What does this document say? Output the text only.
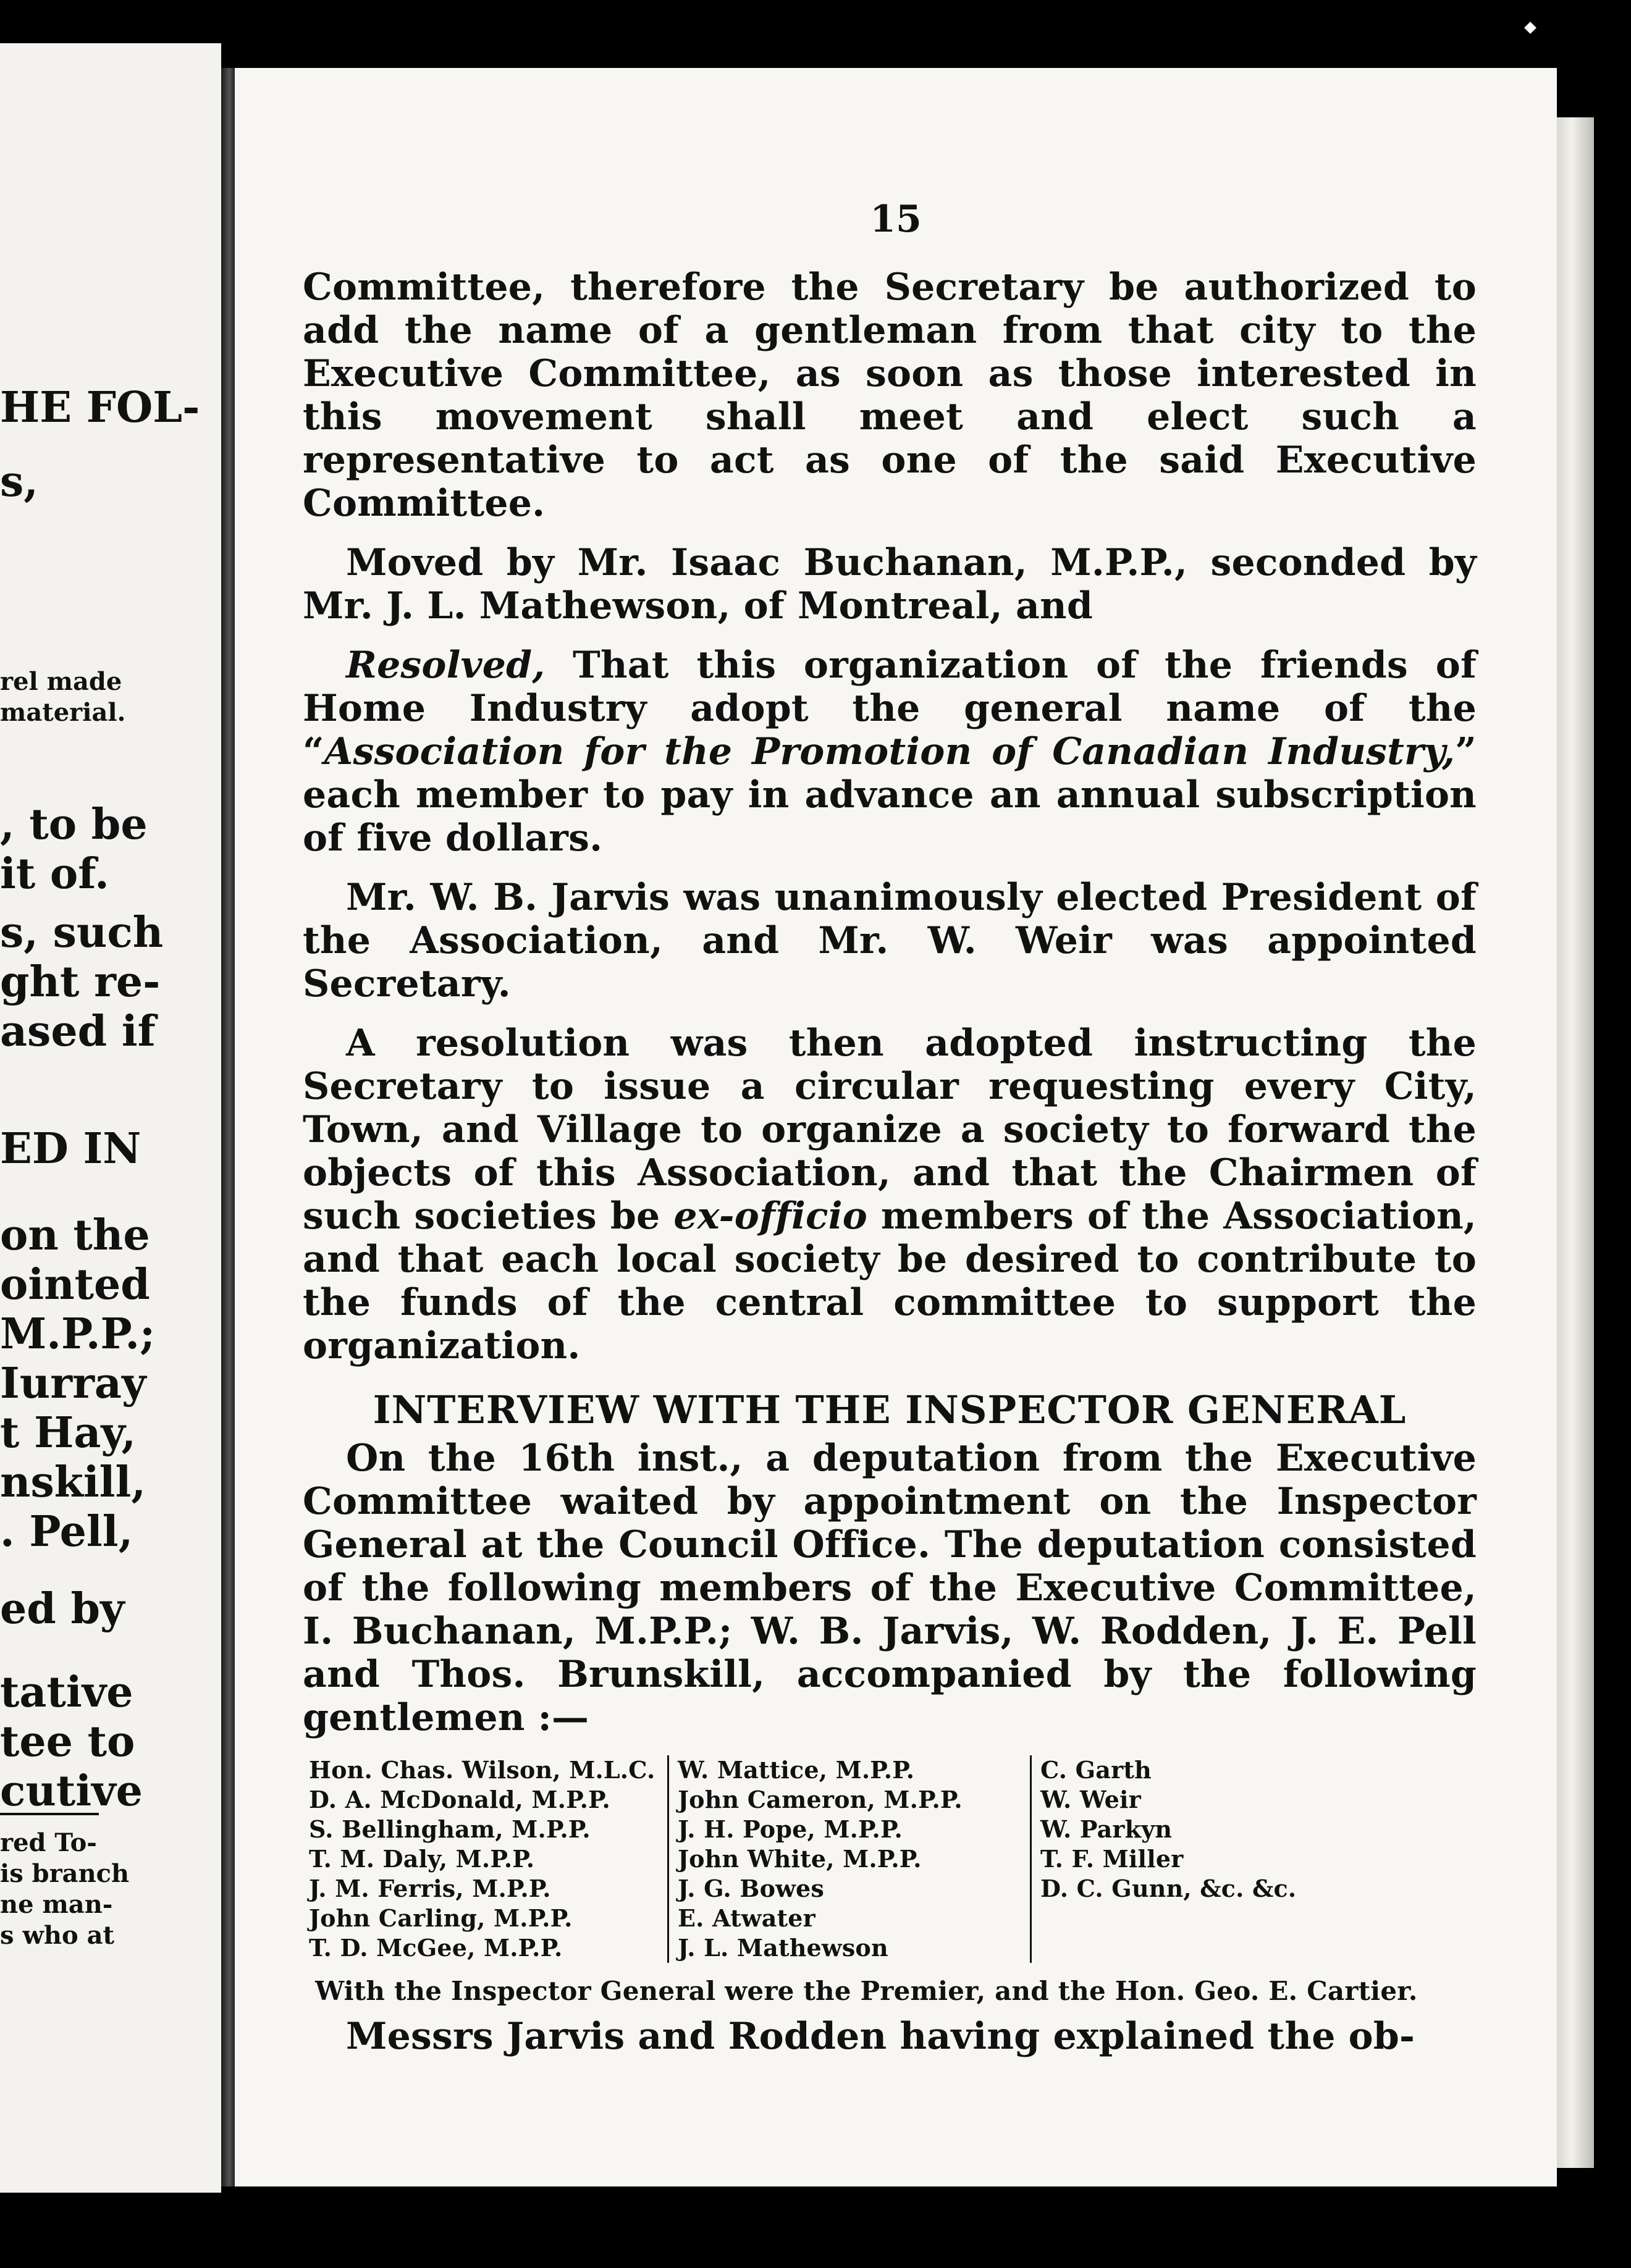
HE FOL-
s,
rel made
material.
, to be
it of.
s, such
ght re-
ased if
ED IN
on the
ointed
M.P.P.;
Iurray
t Hay,
nskill,
. Pell,
ed by
tative
tee to
cutive
red To-
is branch
ne man-
s who at
15

Committee, therefore the Secretary be authorized to add the name of a gentleman from that city to the Executive Committee, as soon as those interested in this movement shall meet and elect such a representative to act as one of the said Executive Committee.

Moved by Mr. Isaac Buchanan, M.P.P., seconded by Mr. J. L. Mathewson, of Montreal, and

Resolved, That this organization of the friends of Home Industry adopt the general name of the “Association for the Promotion of Canadian Industry,” each member to pay in advance an annual subscription of five dollars.

Mr. W. B. Jarvis was unanimously elected President of the Association, and Mr. W. Weir was appointed Secretary.

A resolution was then adopted instructing the Secretary to issue a circular requesting every City, Town, and Village to organize a society to forward the objects of this Association, and that the Chairmen of such societies be ex-officio members of the Association, and that each local society be desired to contribute to the funds of the central committee to support the organization.

INTERVIEW WITH THE INSPECTOR GENERAL

On the 16th inst., a deputation from the Executive Committee waited by appointment on the Inspector General at the Council Office. The deputation consisted of the following members of the Executive Committee, I. Buchanan, M.P.P.; W. B. Jarvis, W. Rodden, J. E. Pell and Thos. Brunskill, accompanied by the following gentlemen :—

Hon. Chas. Wilson, M.L.C.
D. A. McDonald, M.P.P.
S. Bellingham, M.P.P.
T. M. Daly, M.P.P.
J. M. Ferris, M.P.P.
John Carling, M.P.P.
T. D. McGee, M.P.P.
W. Mattice, M.P.P.
John Cameron, M.P.P.
J. H. Pope, M.P.P.
John White, M.P.P.
J. G. Bowes
E. Atwater
J. L. Mathewson
C. Garth
W. Weir
W. Parkyn
T. F. Miller
D. C. Gunn, &c. &c.

With the Inspector General were the Premier, and the Hon. Geo. E. Cartier.

Messrs Jarvis and Rodden having explained the ob-
